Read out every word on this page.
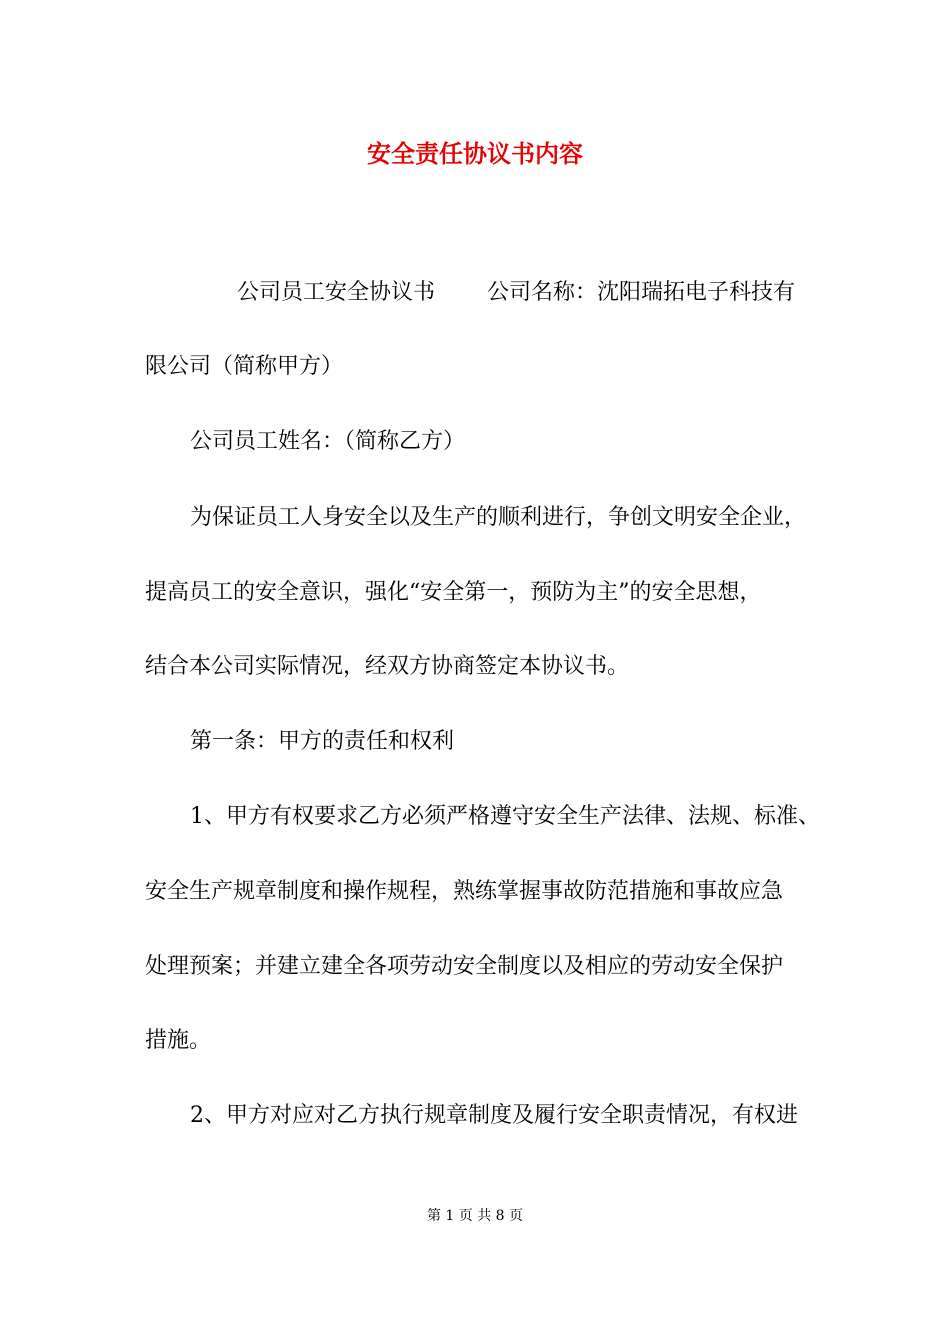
安全责任协议书内容
公司员工安全协议书	公司名称：沈阳瑞拓电子科技有
限公司（简称甲方）
公司员工姓名：（简称乙方）
为保证员工人身安全以及生产的顺利进行，争创文明安全企业，
提高员工的安全意识，强化“安全第一，预防为主”的安全思想，
结合本公司实际情况，经双方协商签定本协议书。
第一条：甲方的责任和权利
1、甲方有权要求乙方必须严格遵守安全生产法律、法规、标准、
安全生产规章制度和操作规程，熟练掌握事故防范措施和事故应急
处理预案；并建立建全各项劳动安全制度以及相应的劳动安全保护
措施。
2、甲方对应对乙方执行规章制度及履行安全职责情况，有权进
第 1 页 共 8 页
